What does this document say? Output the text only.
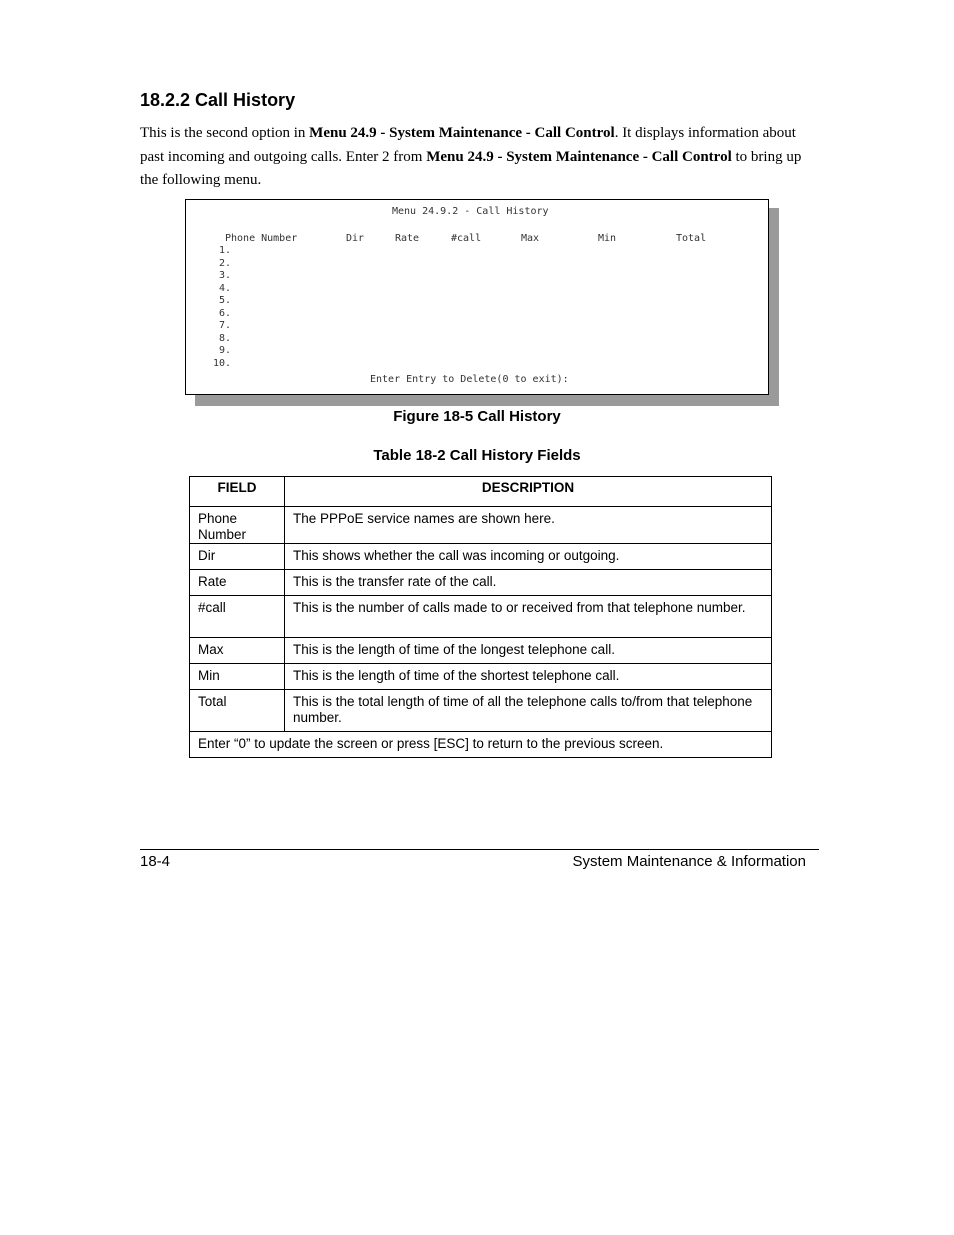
18.2.2 Call History

This is the second option in Menu 24.9 - System Maintenance - Call Control. It displays information about past incoming and outgoing calls. Enter 2 from Menu 24.9 - System Maintenance - Call Control to bring up the following menu.

Menu 24.9.2 - Call History
Phone Number	Dir	Rate	#call	Max	Min	Total
1.
2.
3.
4.
5.
6.
7.
8.
9.
10.
Enter Entry to Delete(0 to exit):

Figure 18-5 Call History

Table 18-2 Call History Fields

FIELD	DESCRIPTION
Phone Number	The PPPoE service names are shown here.
Dir	This shows whether the call was incoming or outgoing.
Rate	This is the transfer rate of the call.
#call	This is the number of calls made to or received from that telephone number.
Max	This is the length of time of the longest telephone call.
Min	This is the length of time of the shortest telephone call.
Total	This is the total length of time of all the telephone calls to/from that telephone number.
Enter “0” to update the screen or press [ESC] to return to the previous screen.	

18-4	System Maintenance & Information
